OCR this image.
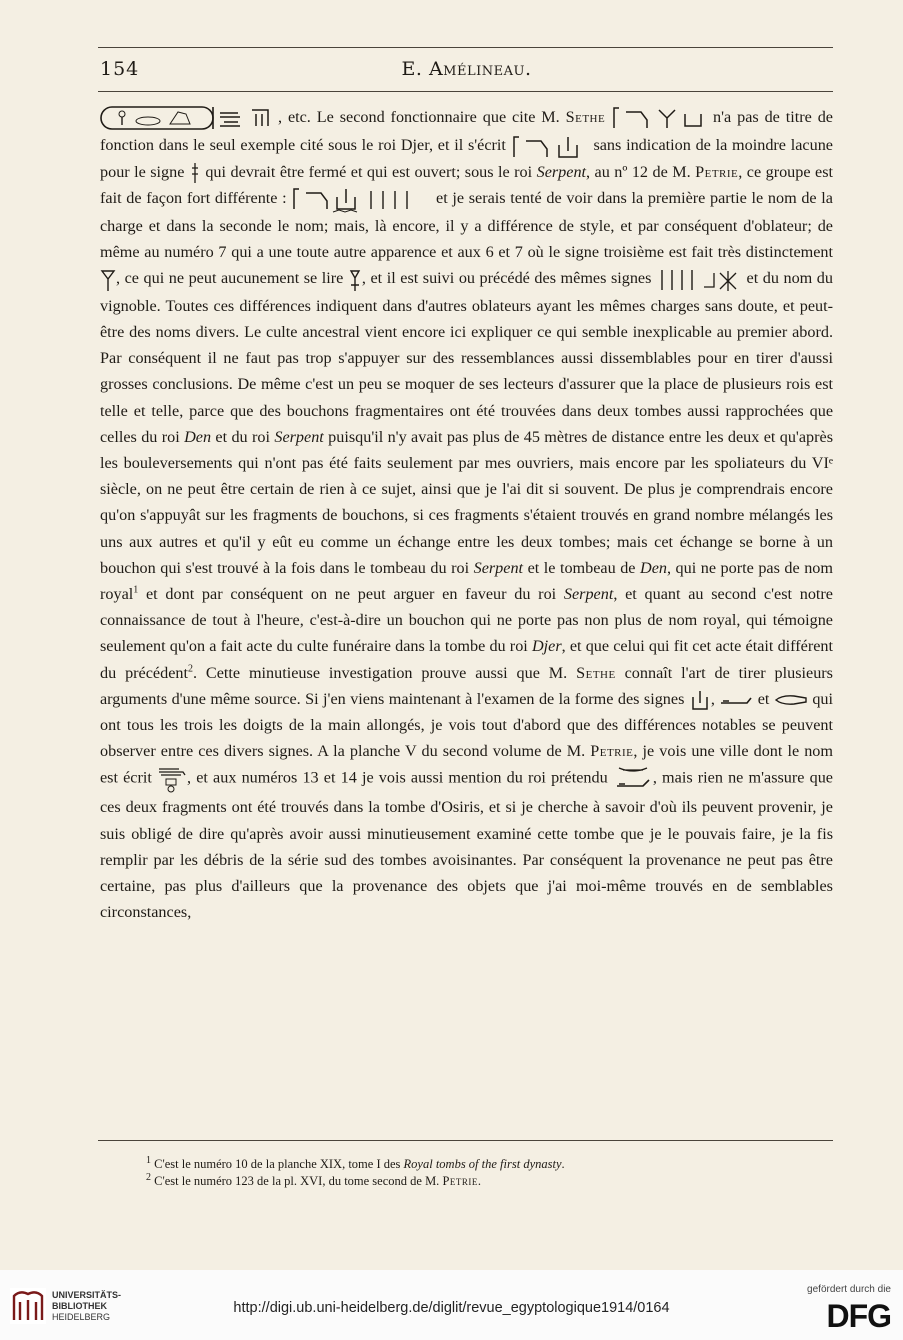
154	E. Amélineau.

, etc. Le second fonctionnaire que cite M. Sethe	n'a pas de titre de fonction dans le seul exemple cité sous le roi Djer, et il s'écrit	sans indication de la moindre lacune pour le signe
qui devrait être fermé et qui est ouvert; sous le roi Serpent, au nº 12 de M. Petrie, ce groupe est fait de façon fort différente :	et je serais tenté de voir dans la première partie le nom de la charge et dans la seconde le nom; mais, là encore, il y a différence de style, et par conséquent d'oblateur; de même au numéro 7 qui a une toute autre apparence et aux 6 et 7 où le signe troisième est fait très distinctement
, ce qui ne peut aucunement se lire
, et il est suivi ou précédé des mêmes signes	et du nom du vignoble. Toutes ces différences indiquent dans d'autres oblateurs ayant les mêmes charges sans doute, et peut-être des noms divers. Le culte ancestral vient encore ici expliquer ce qui semble inexplicable au premier abord. Par conséquent il ne faut pas trop s'appuyer sur des ressemblances aussi dissemblables pour en tirer d'aussi grosses conclusions. De même c'est un peu se moquer de ses lecteurs d'assurer que la place de plusieurs rois est telle et telle, parce que des bouchons fragmentaires ont été trouvées dans deux tombes aussi rapprochées que celles du roi Den et du roi Serpent puisqu'il n'y avait pas plus de 45 mètres de distance entre les deux et qu'après les bouleversements qui n'ont pas été faits seulement par mes ouvriers, mais encore par les spoliateurs du VIᵉ siècle, on ne peut être certain de rien à ce sujet, ainsi que je l'ai dit si souvent. De plus je comprendrais encore qu'on s'appuyât sur les fragments de bouchons, si ces fragments s'étaient trouvés en grand nombre mélangés les uns aux autres et qu'il y eût eu comme un échange entre les deux tombes; mais cet échange se borne à un bouchon qui s'est trouvé à la fois dans le tombeau du roi Serpent et le tombeau de Den, qui ne porte pas de nom royal$^1$ et dont par conséquent on ne peut arguer en faveur du roi Serpent, et quant au second c'est notre connaissance de tout à l'heure, c'est-à-dire un bouchon qui ne porte pas non plus de nom royal, qui témoigne seulement qu'on a fait acte du culte funéraire dans la tombe du roi Djer, et que celui qui fit cet acte était différent du précédent$^2$. Cette minutieuse investigation prouve aussi que M. Sethe connaît l'art de tirer plusieurs arguments d'une même source. Si j'en viens maintenant à l'examen de la forme des signes
,
et
qui ont tous les trois les doigts de la main allongés, je vois tout d'abord que des différences notables se peuvent observer entre ces divers signes. A la planche V du second volume de M. Petrie, je vois une ville dont le nom est écrit
, et aux numéros 13 et 14 je vois aussi mention du roi prétendu
, mais rien ne m'assure que ces deux fragments ont été trouvés dans la tombe d'Osiris, et si je cherche à savoir d'où ils peuvent provenir, je suis obligé de dire qu'après avoir aussi minutieusement examiné cette tombe que je le pouvais faire, je la fis remplir par les débris de la série sud des tombes avoisinantes. Par conséquent la provenance ne peut pas être certaine, pas plus d'ailleurs que la provenance des objets que j'ai moi-même trouvés en de semblables circonstances,

$^1$ C'est le numéro 10 de la planche XIX, tome I des Royal tombs of the first dynasty.

$^2$ C'est le numéro 123 de la pl. XVI, du tome second de M. Petrie.

UNIVERSITÄTS-
BIBLIOTHEK
HEIDELBERG
http://digi.ub.uni-heidelberg.de/diglit/revue_egyptologique1914/0164
gefördert durch die
DFG
